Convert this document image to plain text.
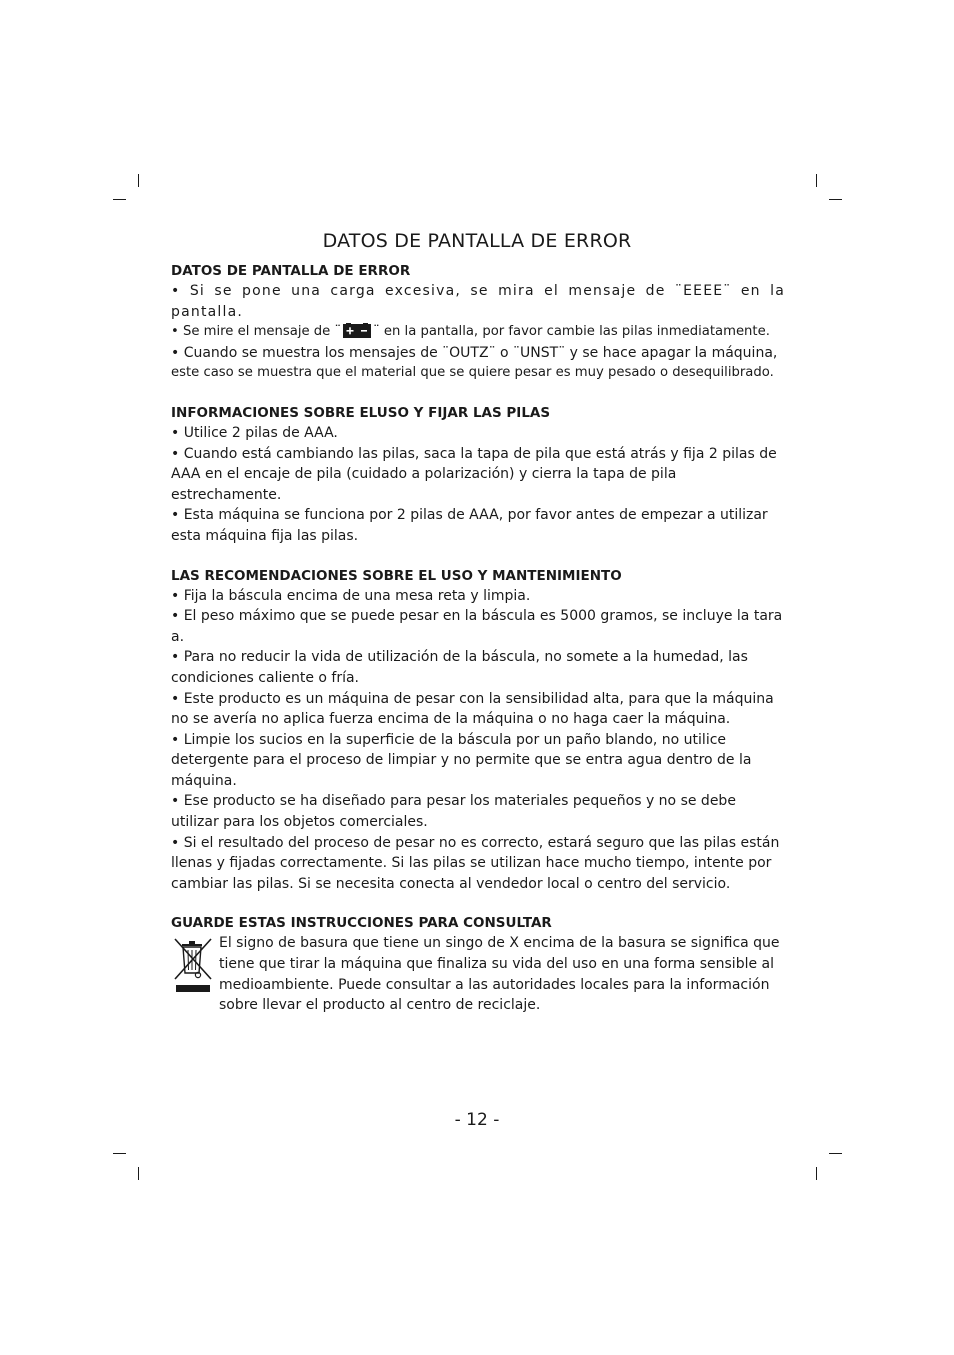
DATOS DE PANTALLA DE ERROR
DATOS DE PANTALLA DE ERROR

• Si se pone una carga excesiva, se mira el mensaje de ¨EEEE¨ en la pantalla.

• Se mire el mensaje de ¨ ¨ en la pantalla, por favor cambie las pilas inmediatamente.

• Cuando se muestra los mensajes de ¨OUTZ¨ o ¨UNST¨ y se hace apagar la máquina,

este caso se muestra que el material que se quiere pesar es muy pesado o desequilibrado.

INFORMACIONES SOBRE ELUSO Y FIJAR LAS PILAS

• Utilice 2 pilas de AAA.

• Cuando está cambiando las pilas, saca la tapa de pila que está atrás y fija 2 pilas de AAA en el encaje de pila (cuidado a polarización) y cierra la tapa de pila estrechamente.

• Esta máquina se funciona por 2 pilas de AAA, por favor antes de empezar a utilizar esta máquina fija las pilas.

LAS RECOMENDACIONES SOBRE EL USO Y MANTENIMIENTO

• Fija la báscula encima de una mesa reta y limpia.

• El peso máximo que se puede pesar en la báscula es 5000 gramos, se incluye la tara a.

• Para no reducir la vida de utilización de la báscula, no somete a la humedad, las condiciones caliente o fría.

• Este producto es un máquina de pesar con la sensibilidad alta, para que la máquina no se avería no aplica fuerza encima de la máquina o no haga caer la máquina.

• Limpie los sucios en la superficie de la báscula por un paño blando, no utilice detergente para el proceso de limpiar y no permite que se entra agua dentro de la máquina.

• Ese producto se ha diseñado para pesar los materiales pequeños y no se debe utilizar para los objetos comerciales.

• Si el resultado del proceso de pesar no es correcto, estará seguro que las pilas están llenas y fijadas correctamente. Si las pilas se utilizan hace mucho tiempo, intente por cambiar las pilas. Si se necesita conecta al vendedor local o centro del servicio.

GUARDE ESTAS INSTRUCCIONES PARA CONSULTAR

El signo de basura que tiene un singo de X encima de la basura se significa que tiene que tirar la máquina que finaliza su vida del uso en una forma sensible al medioambiente. Puede consultar a las autoridades locales para la información sobre llevar el producto al centro de reciclaje.

- 12 -
